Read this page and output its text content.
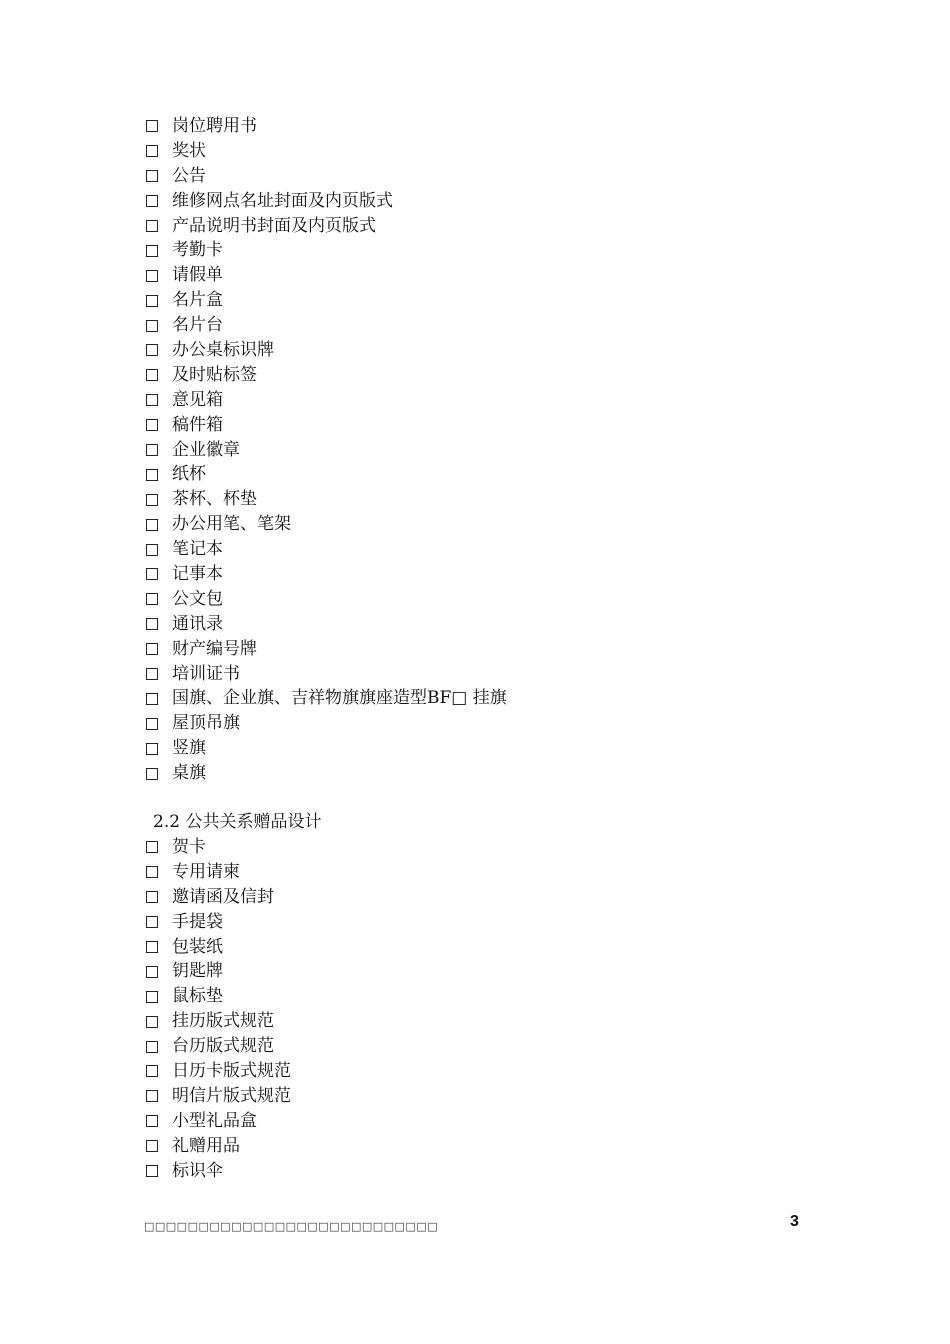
岗位聘用书
奖状
公告
维修网点名址封面及内页版式
产品说明书封面及内页版式
考勤卡
请假单
名片盒
名片台
办公桌标识牌
及时贴标签
意见箱
稿件箱
企业徽章
纸杯
茶杯、杯垫
办公用笔、笔架
笔记本
记事本
公文包
通讯录
财产编号牌
培训证书
国旗、企业旗、吉祥物旗旗座造型BF□ 挂旗
屋顶吊旗
竖旗
桌旗
2.2 公共关系赠品设计
贺卡
专用请柬
邀请函及信封
手提袋
包装纸
钥匙牌
鼠标垫
挂历版式规范
台历版式规范
日历卡版式规范
明信片版式规范
小型礼品盒
礼赠用品
标识伞
□□□□□□□□□□□□□□□□□□□□□□□□□□□	3
